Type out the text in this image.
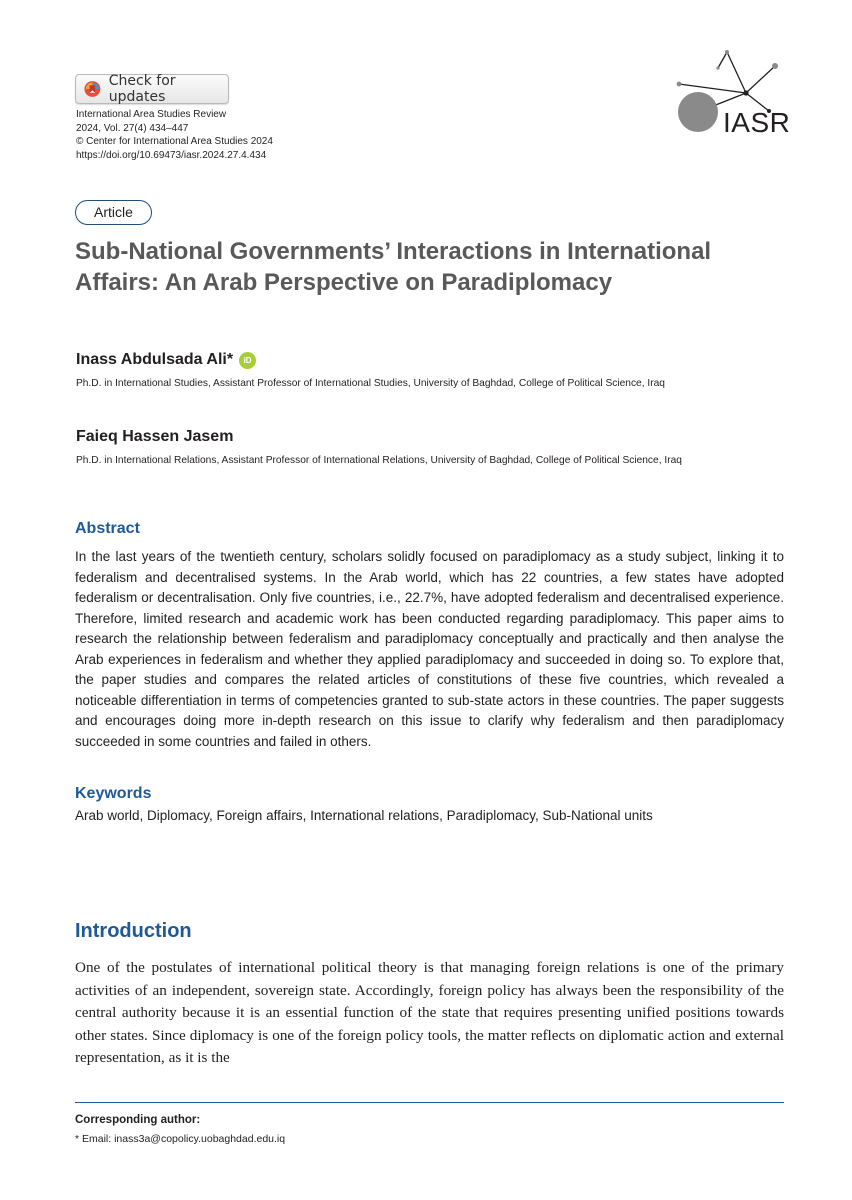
Check for updates
International Area Studies Review
2024, Vol. 27(4) 434–447
© Center for International Area Studies 2024
https://doi.org/10.69473/iasr.2024.27.4.434
IASR
Article
Sub-National Governments’ Interactions in International
Affairs: An Arab Perspective on Paradiplomacy
Inass Abdulsada Ali*	iD
Ph.D. in International Studies, Assistant Professor of International Studies, University of Baghdad, College of Political Science, Iraq
Faieq Hassen Jasem
Ph.D. in International Relations, Assistant Professor of International Relations, University of Baghdad, College of Political Science, Iraq
Abstract
In the last years of the twentieth century, scholars solidly focused on paradiplomacy as a study subject, linking it to federalism and decentralised systems. In the Arab world, which has 22 countries, a few states have adopted federalism or decentralisation. Only five countries, i.e., 22.7%, have adopted federalism and decentralised experience. Therefore, limited research and academic work has been conducted regarding paradiplomacy. This paper aims to research the relationship between federalism and paradiplomacy conceptually and practically and then analyse the Arab experiences in federalism and whether they applied paradiplomacy and succeeded in doing so. To explore that, the paper studies and compares the related articles of constitutions of these five countries, which revealed a noticeable differentiation in terms of competencies granted to sub-state actors in these countries. The paper suggests and encourages doing more in-depth research on this issue to clarify why federalism and then paradiplomacy succeeded in some countries and failed in others.
Keywords
Arab world, Diplomacy, Foreign affairs, International relations, Paradiplomacy, Sub-National units
Introduction
One of the postulates of international political theory is that managing foreign relations is one of the primary activities of an independent, sovereign state. Accordingly, foreign policy has always been the responsibility of the central authority because it is an essential function of the state that requires presenting unified positions towards other states. Since diplomacy is one of the foreign policy tools, the matter reflects on diplomatic action and external representation, as it is the
Corresponding author:
* Email: inass3a@copolicy.uobaghdad.edu.iq
